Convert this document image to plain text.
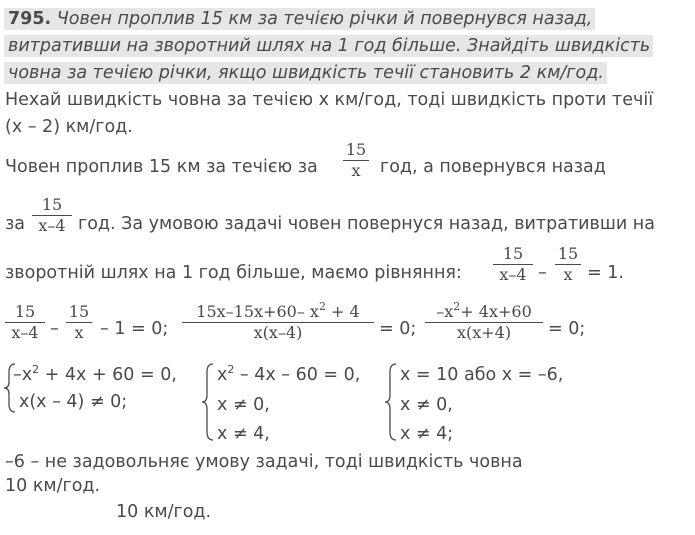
795. Човен проплив 15 км за течією річки й повернувся назад,
витративши на зворотний шлях на 1 год більше. Знайдіть швидкість
човна за течією річки, якщо швидкість течії становить 2 км/год.
Нехай швидкість човна за течією x км/год, тоді швидкість проти течії
(x – 2) км/год.
Човен проплив 15 км за течією за
15
x	год, а повернувся назад
за
15
x–4 год. За умовою задачі човен повернуся назад, витративши на
зворотній шлях на 1 год більше, маємо рівняння:
15
x–4 –
15
x = 1.
15
x–4 –
15
x – 1 = 0;
15x–15x+60– $x^2 + 4$
x(x–4)	= 0;
$-x^2+ 4x+60$
x(x+4)	= 0;
$-x^2 + 4x + 60 = 0$,
x(x – 4) ≠ 0;
$x^2 - 4x - 60 = 0$,
x ≠ 0,
x ≠ 4,
x = 10 або x = –6,
x ≠ 0,
x ≠ 4;
–6 – не задовольняє умову задачі, тоді швидкість човна
10 км/год.
10 км/год.
